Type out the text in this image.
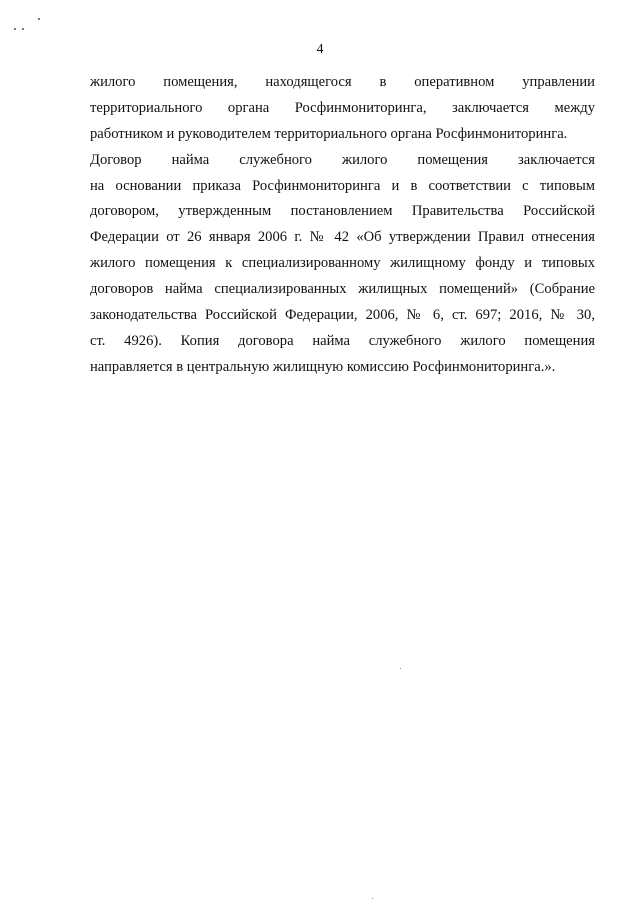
4
жилого помещения, находящегося в оперативном управлении
территориального органа Росфинмониторинга, заключается между
работником и руководителем территориального органа Росфинмониторинга.
Договор найма служебного жилого помещения заключается
на основании приказа Росфинмониторинга и в соответствии с типовым
договором, утвержденным постановлением Правительства Российской
Федерации от 26 января 2006 г. № 42 «Об утверждении Правил отнесения
жилого помещения к специализированному жилищному фонду и типовых
договоров найма специализированных жилищных помещений» (Собрание
законодательства Российской Федерации, 2006, № 6, ст. 697; 2016, № 30,
ст. 4926). Копия договора найма служебного жилого помещения
направляется в центральную жилищную комиссию Росфинмониторинга.».
